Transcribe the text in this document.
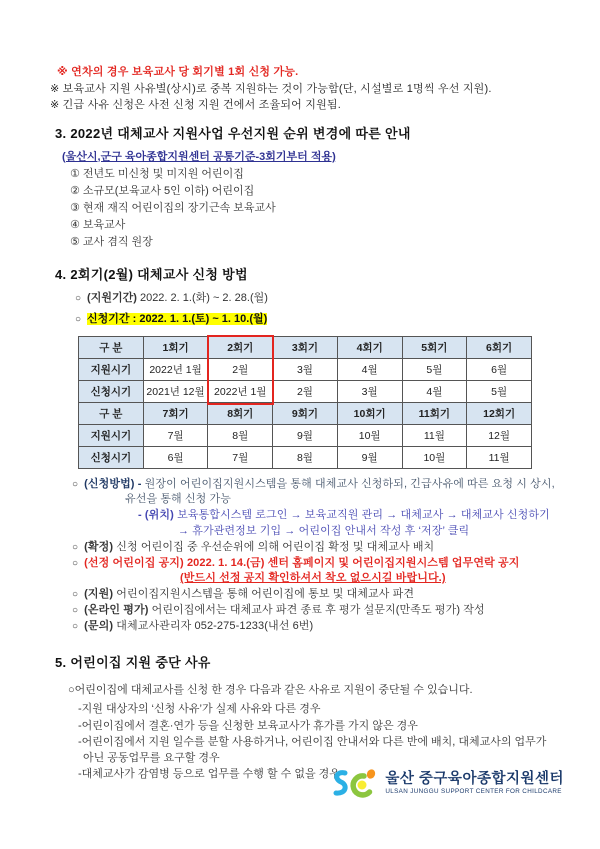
※ 연차의 경우 보육교사 당 회기별 1회 신청 가능.
※ 보육교사 지원 사유별(상시)로 중복 지원하는 것이 가능함(단, 시설별로 1명씩 우선 지원).
※ 긴급 사유 신청은 사전 신청 지원 건에서 조율되어 지원됨.
3. 2022년 대체교사 지원사업 우선지원 순위 변경에 따른 안내
(울산시,군구 육아종합지원센터 공통기준-3회기부터 적용)
① 전년도 미신청 및 미지원 어린이집
② 소규모(보육교사 5인 이하) 어린이집
③ 현재 재직 어린이집의 장기근속 보육교사
④ 보육교사
⑤ 교사 겸직 원장
4. 2회기(2월) 대체교사 신청 방법
○ (지원기간) 2022. 2. 1.(화) ~ 2. 28.(월)
○ 신청기간 : 2022. 1. 1.(토) ~ 1. 10.(월)
구 분	1회기	2회기	3회기	4회기	5회기	6회기
지원시기	2022년 1월	2월	3월	4월	5월	6월
신청시기	2021년 12월	2022년 1월	2월	3월	4월	5월
구 분	7회기	8회기	9회기	10회기	11회기	12회기
지원시기	7월	8월	9월	10월	11월	12월
신청시기	6월	7월	8월	9월	10월	11월
○ (신청방법) - 원장이 어린이집지원시스템을 통해 대체교사 신청하되, 긴급사유에 따른 요청 시 상시,
유선을 통해 신청 가능
- (위치) 보육통합시스템 로그인 → 보육교직원 관리 → 대체교사 → 대체교사 신청하기
→ 휴가관련정보 기입 → 어린이집 안내서 작성 후 ‘저장’ 클릭
○ (확정) 신청 어린이집 중 우선순위에 의해 어린이집 확정 및 대체교사 배치
○ (선정 어린이집 공지) 2022. 1. 14.(금) 센터 홈페이지 및 어린이집지원시스템 업무연락 공지
(반드시 선정 공지 확인하셔서 착오 없으시길 바랍니다.)
○ (지원) 어린이집지원시스템을 통해 어린이집에 통보 및 대체교사 파견
○ (온라인 평가) 어린이집에서는 대체교사 파견 종료 후 평가 설문지(만족도 평가) 작성
○ (문의) 대체교사관리자 052-275-1233(내선 6번)
5. 어린이집 지원 중단 사유
○어린이집에 대체교사를 신청 한 경우 다음과 같은 사유로 지원이 중단될 수 있습니다.
-지원 대상자의 ‘신청 사유’가 실제 사유와 다른 경우
-어린이집에서 결혼·연가 등을 신청한 보육교사가 휴가를 가지 않은 경우
-어린이집에서 지원 일수를 분할 사용하거나, 어린이집 안내서와 다른 반에 배치, 대체교사의 업무가 아닌 공동업무를 요구할 경우
-대체교사가 감염병 등으로 업무를 수행 할 수 없을 경우	울산 중구육아종합지원센터
ULSAN JUNGGU SUPPORT CENTER FOR CHILDCARE
